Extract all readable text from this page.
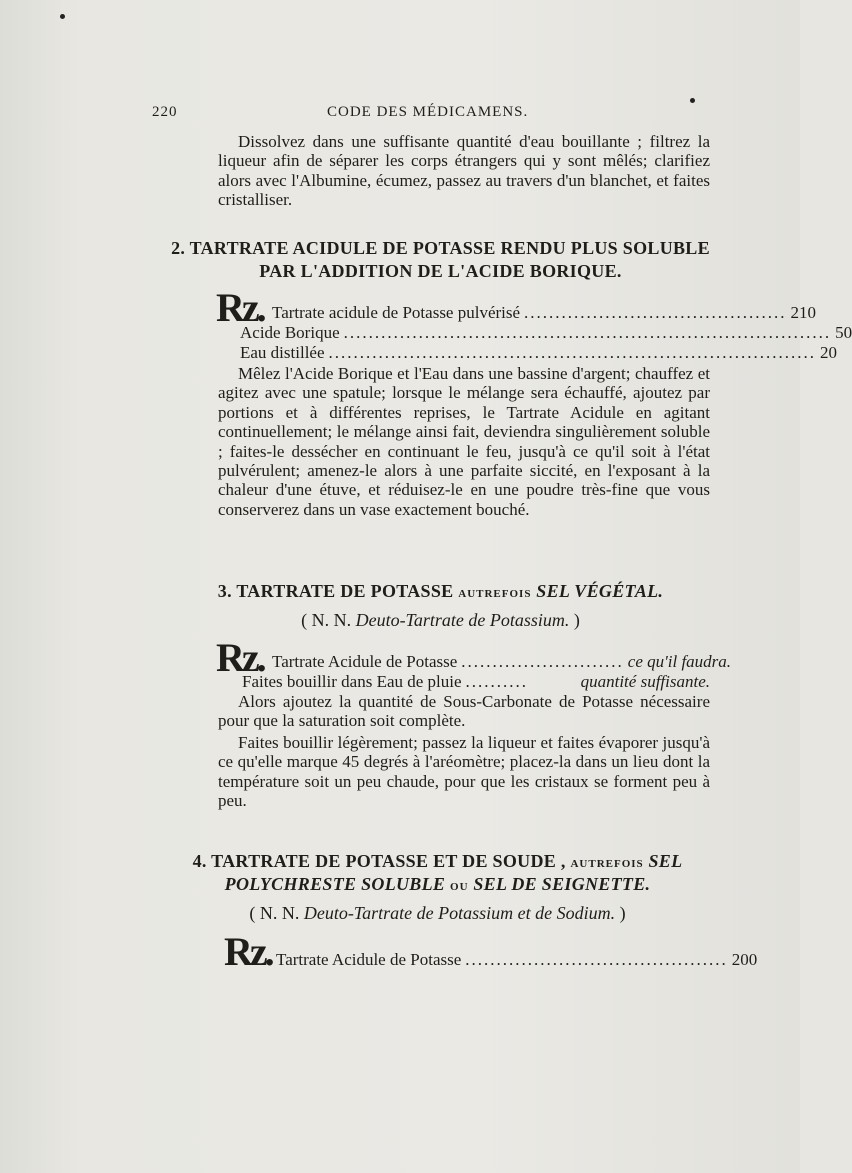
220	CODE DES MÉDICAMENS.
Dissolvez dans une suffisante quantité d'eau bouillante ; filtrez la liqueur afin de séparer les corps étrangers qui y sont mêlés; clarifiez alors avec l'Albumine, écumez, passez au travers d'un blanchet, et faites cristalliser.
2. TARTRATE ACIDULE DE POTASSE RENDU PLUS SOLUBLE
PAR L'ADDITION DE L'ACIDE BORIQUE.
Rz. Tartrate acidule de Potasse pulvérisé .......................................... 210
Acide Borique .............................................................................. 50
Eau distillée .............................................................................. 20
Mêlez l'Acide Borique et l'Eau dans une bassine d'argent; chauffez et agitez avec une spatule; lorsque le mélange sera échauffé, ajoutez par portions et à différentes reprises, le Tartrate Acidule en agitant continuellement; le mélange ainsi fait, deviendra singulièrement soluble ; faites-le dessécher en continuant le feu, jusqu'à ce qu'il soit à l'état pulvérulent; amenez-le alors à une parfaite siccité, en l'exposant à la chaleur d'une étuve, et réduisez-le en une poudre très-fine que vous conserverez dans un vase exactement bouché.
3. TARTRATE DE POTASSE AUTREFOIS SEL VÉGÉTAL.
( N. N. Deuto-Tartrate de Potassium. )
Rz. Tartrate Acidule de Potasse .......................... ce qu'il faudra.
Faites bouillir dans Eau de pluie ..........	quantité suffisante.
Alors ajoutez la quantité de Sous-Carbonate de Potasse nécessaire pour que la saturation soit complète.
Faites bouillir légèrement; passez la liqueur et faites évaporer jusqu'à ce qu'elle marque 45 degrés à l'aréomètre; placez-la dans un lieu dont la température soit un peu chaude, pour que les cristaux se forment peu à peu.
4. TARTRATE DE POTASSE ET DE SOUDE , AUTREFOIS SEL
POLYCHRESTE SOLUBLE OU SEL DE SEIGNETTE.
( N. N. Deuto-Tartrate de Potassium et de Sodium. )
Rz. Tartrate Acidule de Potasse .......................................... 200
